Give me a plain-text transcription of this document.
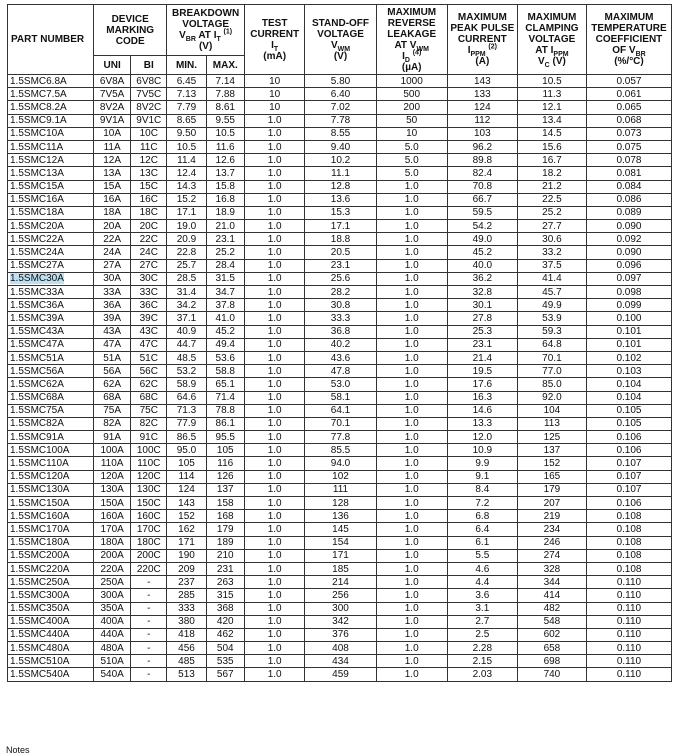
PART NUMBER	DEVICE MARKING CODE		BREAKDOWN VOLTAGE
$V_{BR}$ AT $I_T$ $^{(1)}$
(V)		TEST CURRENT
$I_T$
(mA)	STAND-OFF VOLTAGE
$V_{WM}$
(V)	MAXIMUM REVERSE LEAKAGE
AT $V_{WM}$
$I_D$ $^{(4)}$
(µA)	MAXIMUM PEAK PULSE CURRENT
$I_{PPM}$ $^{(2)}$
(A)	MAXIMUM CLAMPING VOLTAGE
AT $I_{PPM}$
$V_C$ (V)	MAXIMUM TEMPERATURE COEFFICIENT
OF $V_{BR}$
(%/°C)
	UNI	BI	MIN.	MAX.						
1.5SMC6.8A	6V8A	6V8C	6.45	7.14	10	5.80	1000	143	10.5	0.057
1.5SMC7.5A	7V5A	7V5C	7.13	7.88	10	6.40	500	133	11.3	0.061
1.5SMC8.2A	8V2A	8V2C	7.79	8.61	10	7.02	200	124	12.1	0.065
1.5SMC9.1A	9V1A	9V1C	8.65	9.55	1.0	7.78	50	112	13.4	0.068
1.5SMC10A	10A	10C	9.50	10.5	1.0	8.55	10	103	14.5	0.073
1.5SMC11A	11A	11C	10.5	11.6	1.0	9.40	5.0	96.2	15.6	0.075
1.5SMC12A	12A	12C	11.4	12.6	1.0	10.2	5.0	89.8	16.7	0.078
1.5SMC13A	13A	13C	12.4	13.7	1.0	11.1	5.0	82.4	18.2	0.081
1.5SMC15A	15A	15C	14.3	15.8	1.0	12.8	1.0	70.8	21.2	0.084
1.5SMC16A	16A	16C	15.2	16.8	1.0	13.6	1.0	66.7	22.5	0.086
1.5SMC18A	18A	18C	17.1	18.9	1.0	15.3	1.0	59.5	25.2	0.089
1.5SMC20A	20A	20C	19.0	21.0	1.0	17.1	1.0	54.2	27.7	0.090
1.5SMC22A	22A	22C	20.9	23.1	1.0	18.8	1.0	49.0	30.6	0.092
1.5SMC24A	24A	24C	22.8	25.2	1.0	20.5	1.0	45.2	33.2	0.090
1.5SMC27A	27A	27C	25.7	28.4	1.0	23.1	1.0	40.0	37.5	0.096
1.5SMC30A	30A	30C	28.5	31.5	1.0	25.6	1.0	36.2	41.4	0.097
1.5SMC33A	33A	33C	31.4	34.7	1.0	28.2	1.0	32.8	45.7	0.098
1.5SMC36A	36A	36C	34.2	37.8	1.0	30.8	1.0	30.1	49.9	0.099
1.5SMC39A	39A	39C	37.1	41.0	1.0	33.3	1.0	27.8	53.9	0.100
1.5SMC43A	43A	43C	40.9	45.2	1.0	36.8	1.0	25.3	59.3	0.101
1.5SMC47A	47A	47C	44.7	49.4	1.0	40.2	1.0	23.1	64.8	0.101
1.5SMC51A	51A	51C	48.5	53.6	1.0	43.6	1.0	21.4	70.1	0.102
1.5SMC56A	56A	56C	53.2	58.8	1.0	47.8	1.0	19.5	77.0	0.103
1.5SMC62A	62A	62C	58.9	65.1	1.0	53.0	1.0	17.6	85.0	0.104
1.5SMC68A	68A	68C	64.6	71.4	1.0	58.1	1.0	16.3	92.0	0.104
1.5SMC75A	75A	75C	71.3	78.8	1.0	64.1	1.0	14.6	104	0.105
1.5SMC82A	82A	82C	77.9	86.1	1.0	70.1	1.0	13.3	113	0.105
1.5SMC91A	91A	91C	86.5	95.5	1.0	77.8	1.0	12.0	125	0.106
1.5SMC100A	100A	100C	95.0	105	1.0	85.5	1.0	10.9	137	0.106
1.5SMC110A	110A	110C	105	116	1.0	94.0	1.0	9.9	152	0.107
1.5SMC120A	120A	120C	114	126	1.0	102	1.0	9.1	165	0.107
1.5SMC130A	130A	130C	124	137	1.0	111	1.0	8.4	179	0.107
1.5SMC150A	150A	150C	143	158	1.0	128	1.0	7.2	207	0.106
1.5SMC160A	160A	160C	152	168	1.0	136	1.0	6.8	219	0.108
1.5SMC170A	170A	170C	162	179	1.0	145	1.0	6.4	234	0.108
1.5SMC180A	180A	180C	171	189	1.0	154	1.0	6.1	246	0.108
1.5SMC200A	200A	200C	190	210	1.0	171	1.0	5.5	274	0.108
1.5SMC220A	220A	220C	209	231	1.0	185	1.0	4.6	328	0.108
1.5SMC250A	250A	-	237	263	1.0	214	1.0	4.4	344	0.110
1.5SMC300A	300A	-	285	315	1.0	256	1.0	3.6	414	0.110
1.5SMC350A	350A	-	333	368	1.0	300	1.0	3.1	482	0.110
1.5SMC400A	400A	-	380	420	1.0	342	1.0	2.7	548	0.110
1.5SMC440A	440A	-	418	462	1.0	376	1.0	2.5	602	0.110
1.5SMC480A	480A	-	456	504	1.0	408	1.0	2.28	658	0.110
1.5SMC510A	510A	-	485	535	1.0	434	1.0	2.15	698	0.110
1.5SMC540A	540A	-	513	567	1.0	459	1.0	2.03	740	0.110
Notes
